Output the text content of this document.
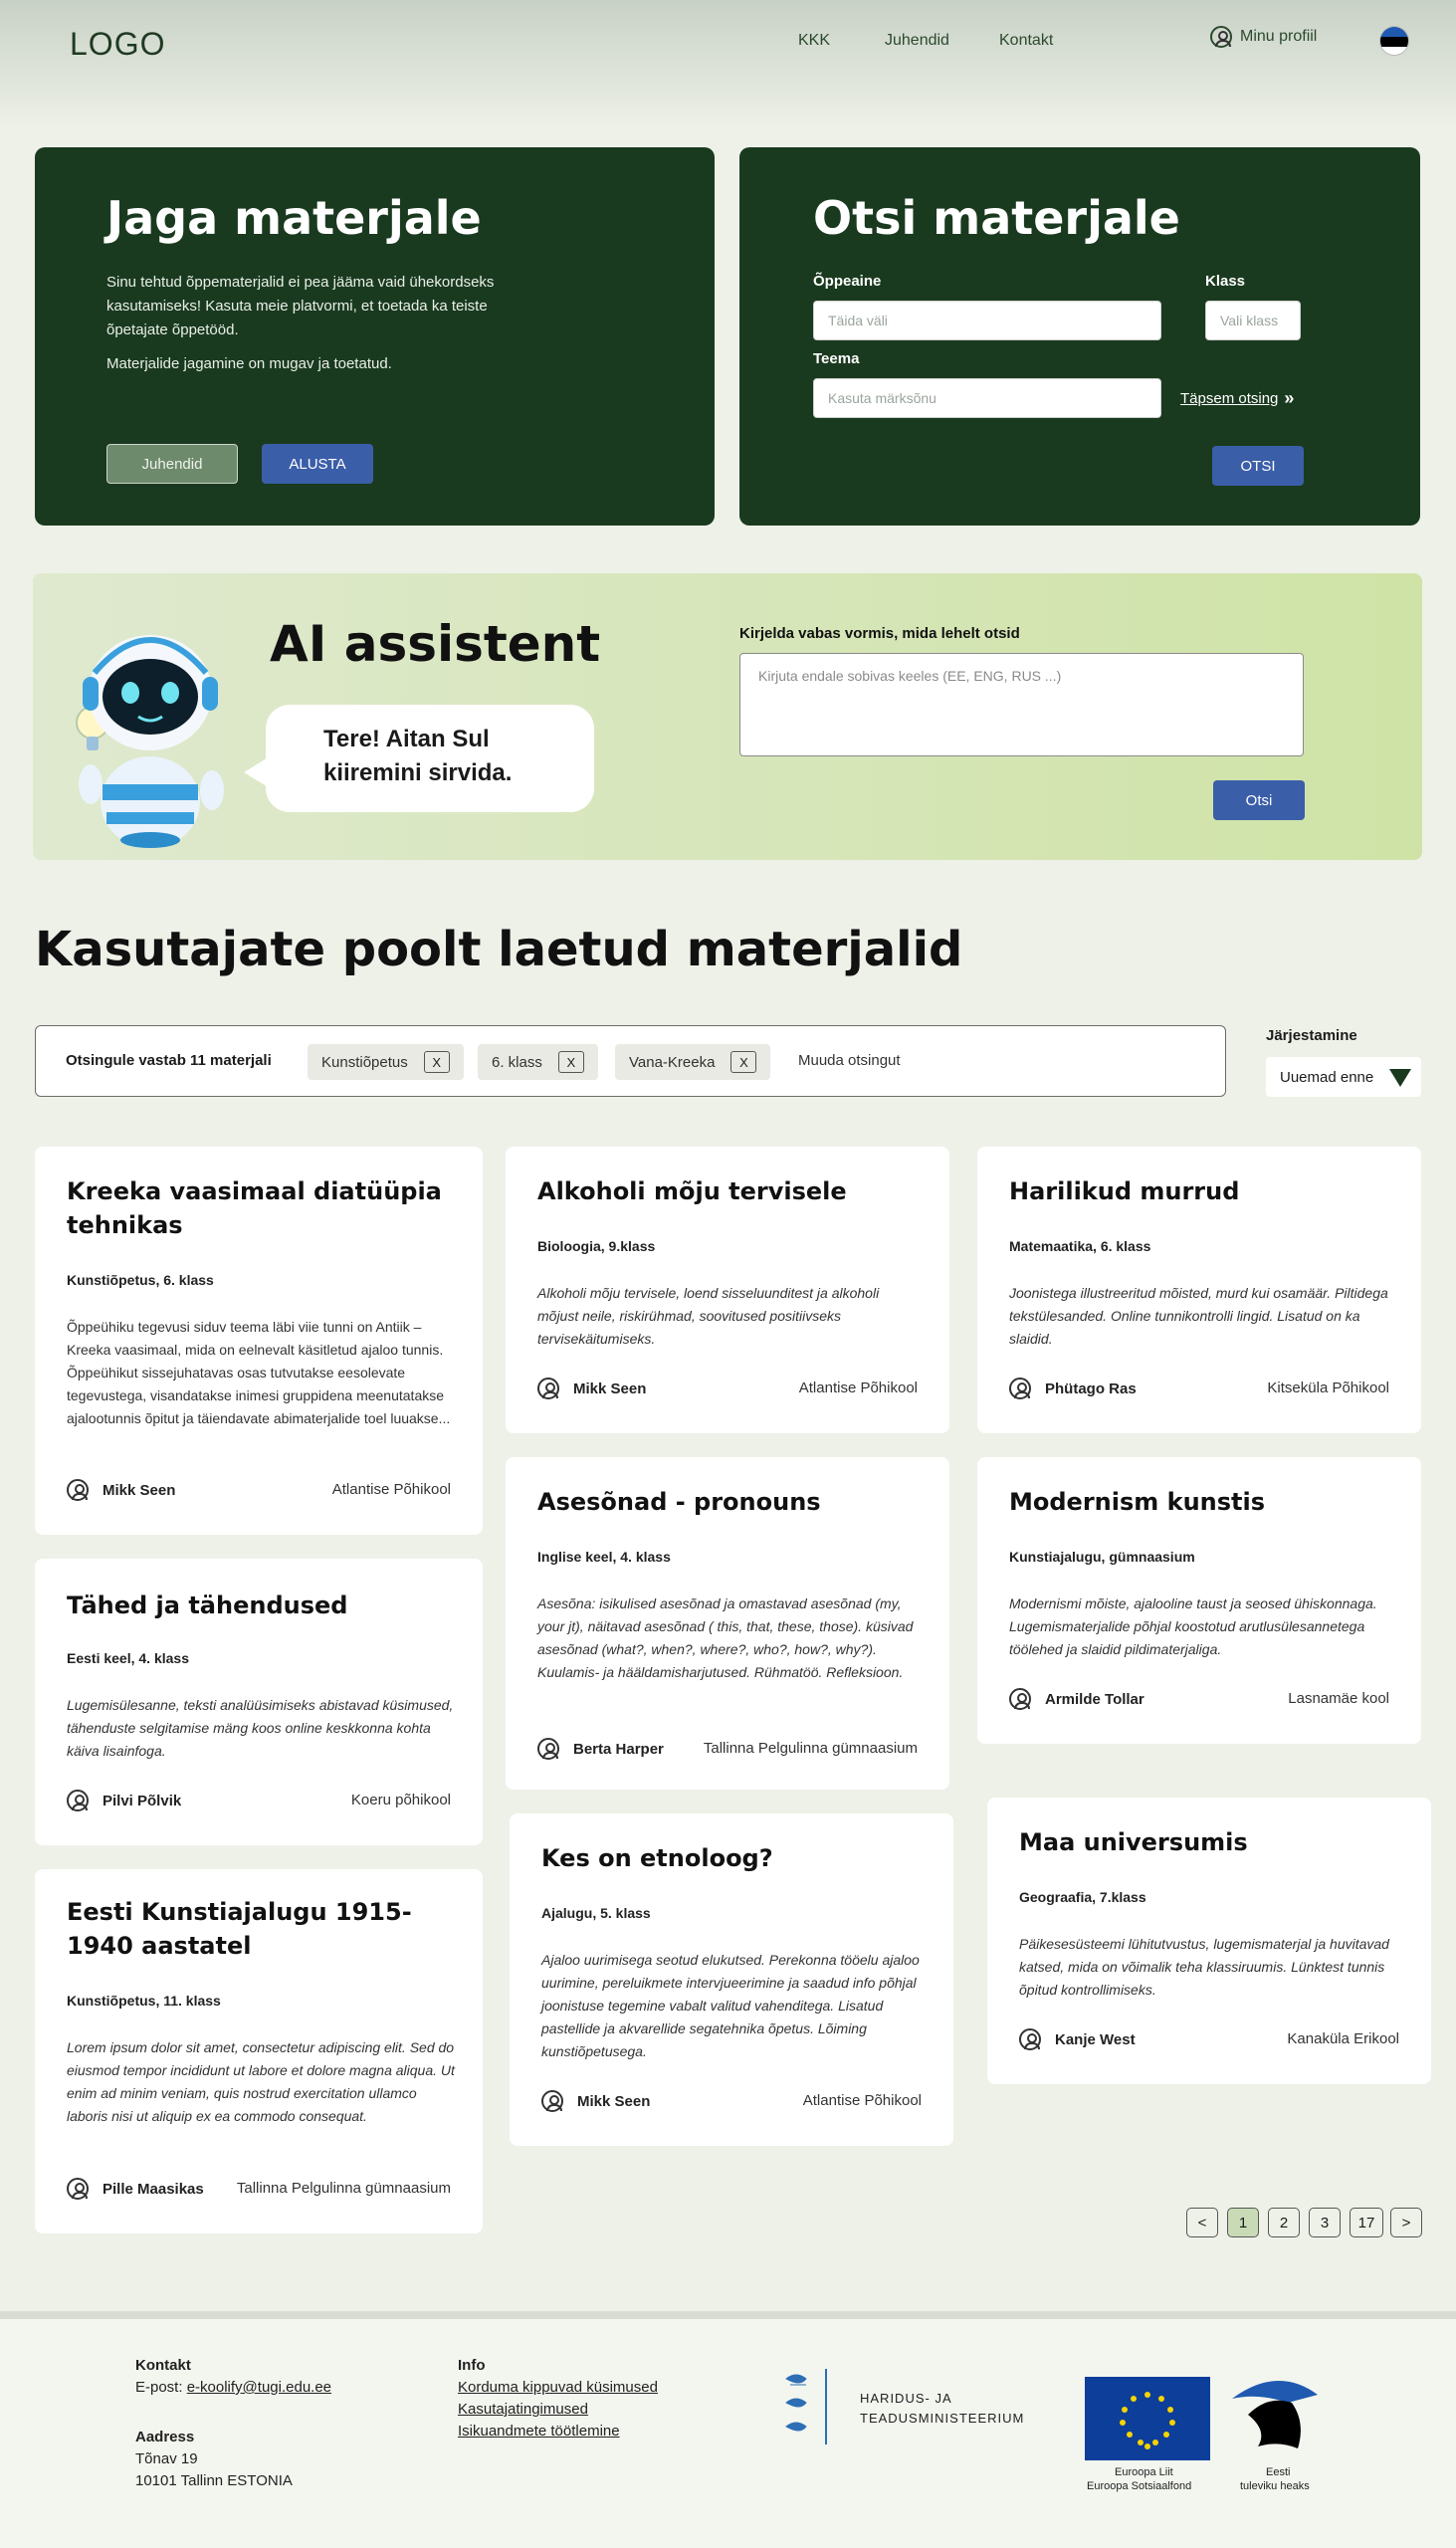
LOGO	KKK	Juhendid	Kontakt	Minu profiil
Jaga materjale

Sinu tehtud õppematerjalid ei pea jääma vaid ühekordseks kasutamiseks! Kasuta meie platvormi, et toetada ka teiste õpetajate õppetööd.

Materjalide jagamine on mugav ja toetatud.

Juhendid	ALUSTA
Otsi materjale
Õppeaine
Täida väli
Klass
Vali klass
Teema
Kasuta märksõnu	Täpsem otsing »
OTSI
AI assistent
Tere! Aitan Sul kiiremini sirvida.
Kirjelda vabas vormis, mida lehelt otsid
Kirjuta endale sobivas keeles (EE, ENG, RUS ...)
Otsi
Kasutajate poolt laetud materjalid
Otsingule vastab 11 materjali	Kunstiõpetus	X	6. klass	X	Vana-Kreeka	X	Muuda otsingut
Järjestamine
Uuemad enne
Kreeka vaasimaal diatüüpia tehnikas
Kunstiõpetus, 6. klass
Õppeühiku tegevusi siduv teema läbi viie tunni on Antiik – Kreeka vaasimaal, mida on eelnevalt käsitletud ajaloo tunnis. Õppeühikut sissejuhatavas osas tutvutakse eesolevate tegevustega, visandatakse inimesi gruppidena meenutatakse ajalootunnis õpitut ja täiendavate abimaterjalide toel luuakse...
Mikk Seen	Atlantise Põhikool
Tähed ja tähendused
Eesti keel, 4. klass
Lugemisülesanne, teksti analüüsimiseks abistavad küsimused, tähenduste selgitamise mäng koos online keskkonna kohta käiva lisainfoga.
Pilvi Põlvik	Koeru põhikool
Eesti Kunstiajalugu 1915-1940 aastatel
Kunstiõpetus, 11. klass
Lorem ipsum dolor sit amet, consectetur adipiscing elit. Sed do eiusmod tempor incididunt ut labore et dolore magna aliqua. Ut enim ad minim veniam, quis nostrud exercitation ullamco laboris nisi ut aliquip ex ea commodo consequat.
Pille Maasikas Tallinna Pelgulinna gümnaasium
Alkoholi mõju tervisele
Bioloogia, 9.klass
Alkoholi mõju tervisele, loend sisseluunditest ja alkoholi mõjust neile, riskirühmad, soovitused positiivseks tervisekäitumiseks.
Mikk Seen	Atlantise Põhikool
Asesõnad - pronouns
Inglise keel, 4. klass
Asesõna: isikulised asesõnad ja omastavad asesõnad (my, your jt), näitavad asesõnad ( this, that, these, those). küsivad asesõnad (what?, when?, where?, who?, how?, why?). Kuulamis- ja hääldamisharjutused. Rühmatöö. Refleksioon.
Berta Harper	Tallinna Pelgulinna gümnaasium
Kes on etnoloog?
Ajalugu, 5. klass
Ajaloo uurimisega seotud elukutsed. Perekonna tööelu ajaloo uurimine, perelиikmete intervjueerimine ja saadud info põhjal joonistuse tegemine vabalt valitud vahenditega. Lisatud pastellide ja akvarellide segatehnika õpetus. Lõiming kunstiõpetusega.
Mikk Seen	Atlantise Põhikool
Harilikud murrud
Matemaatika, 6. klass
Joonistega illustreeritud mõisted, murd kui osamäär. Piltidega tekstülesanded. Online tunnikontrolli lingid. Lisatud on ka slaidid.
Phütago Ras	Kitseküla Põhikool
Modernism kunstis
Kunstiajalugu, gümnaasium
Modernismi mõiste, ajalooline taust ja seosed ühiskonnaga. Lugemismaterjalide põhjal koostotud arutlusülesannetega töölehed ja slaidid pildimaterjaliga.
Armilde Tollar	Lasnamäe kool
Maa universumis
Geograafia, 7.klass
Päikesesüsteemi lühitutvustus, lugemismaterjal ja huvitavad katsed, mida on võimalik teha klassiruumis. Lünktest tunnis õpitud kontrollimiseks.
Kanje West	Kanaküla Erikool
<	1	2	3	17	>
Kontakt
E-post: e-koolify@tugi.edu.ee
Aadress
Tõnav 19
10101 Tallinn ESTONIA
Info
Korduma kippuvad küsimused
Kasutajatingimused
Isikuandmete töötlemine
HARIDUS- JA
TEADUSMINISTEERIUM
Euroopa Liit
Euroopa Sotsiaalfond
Eesti
tuleviku heaks
